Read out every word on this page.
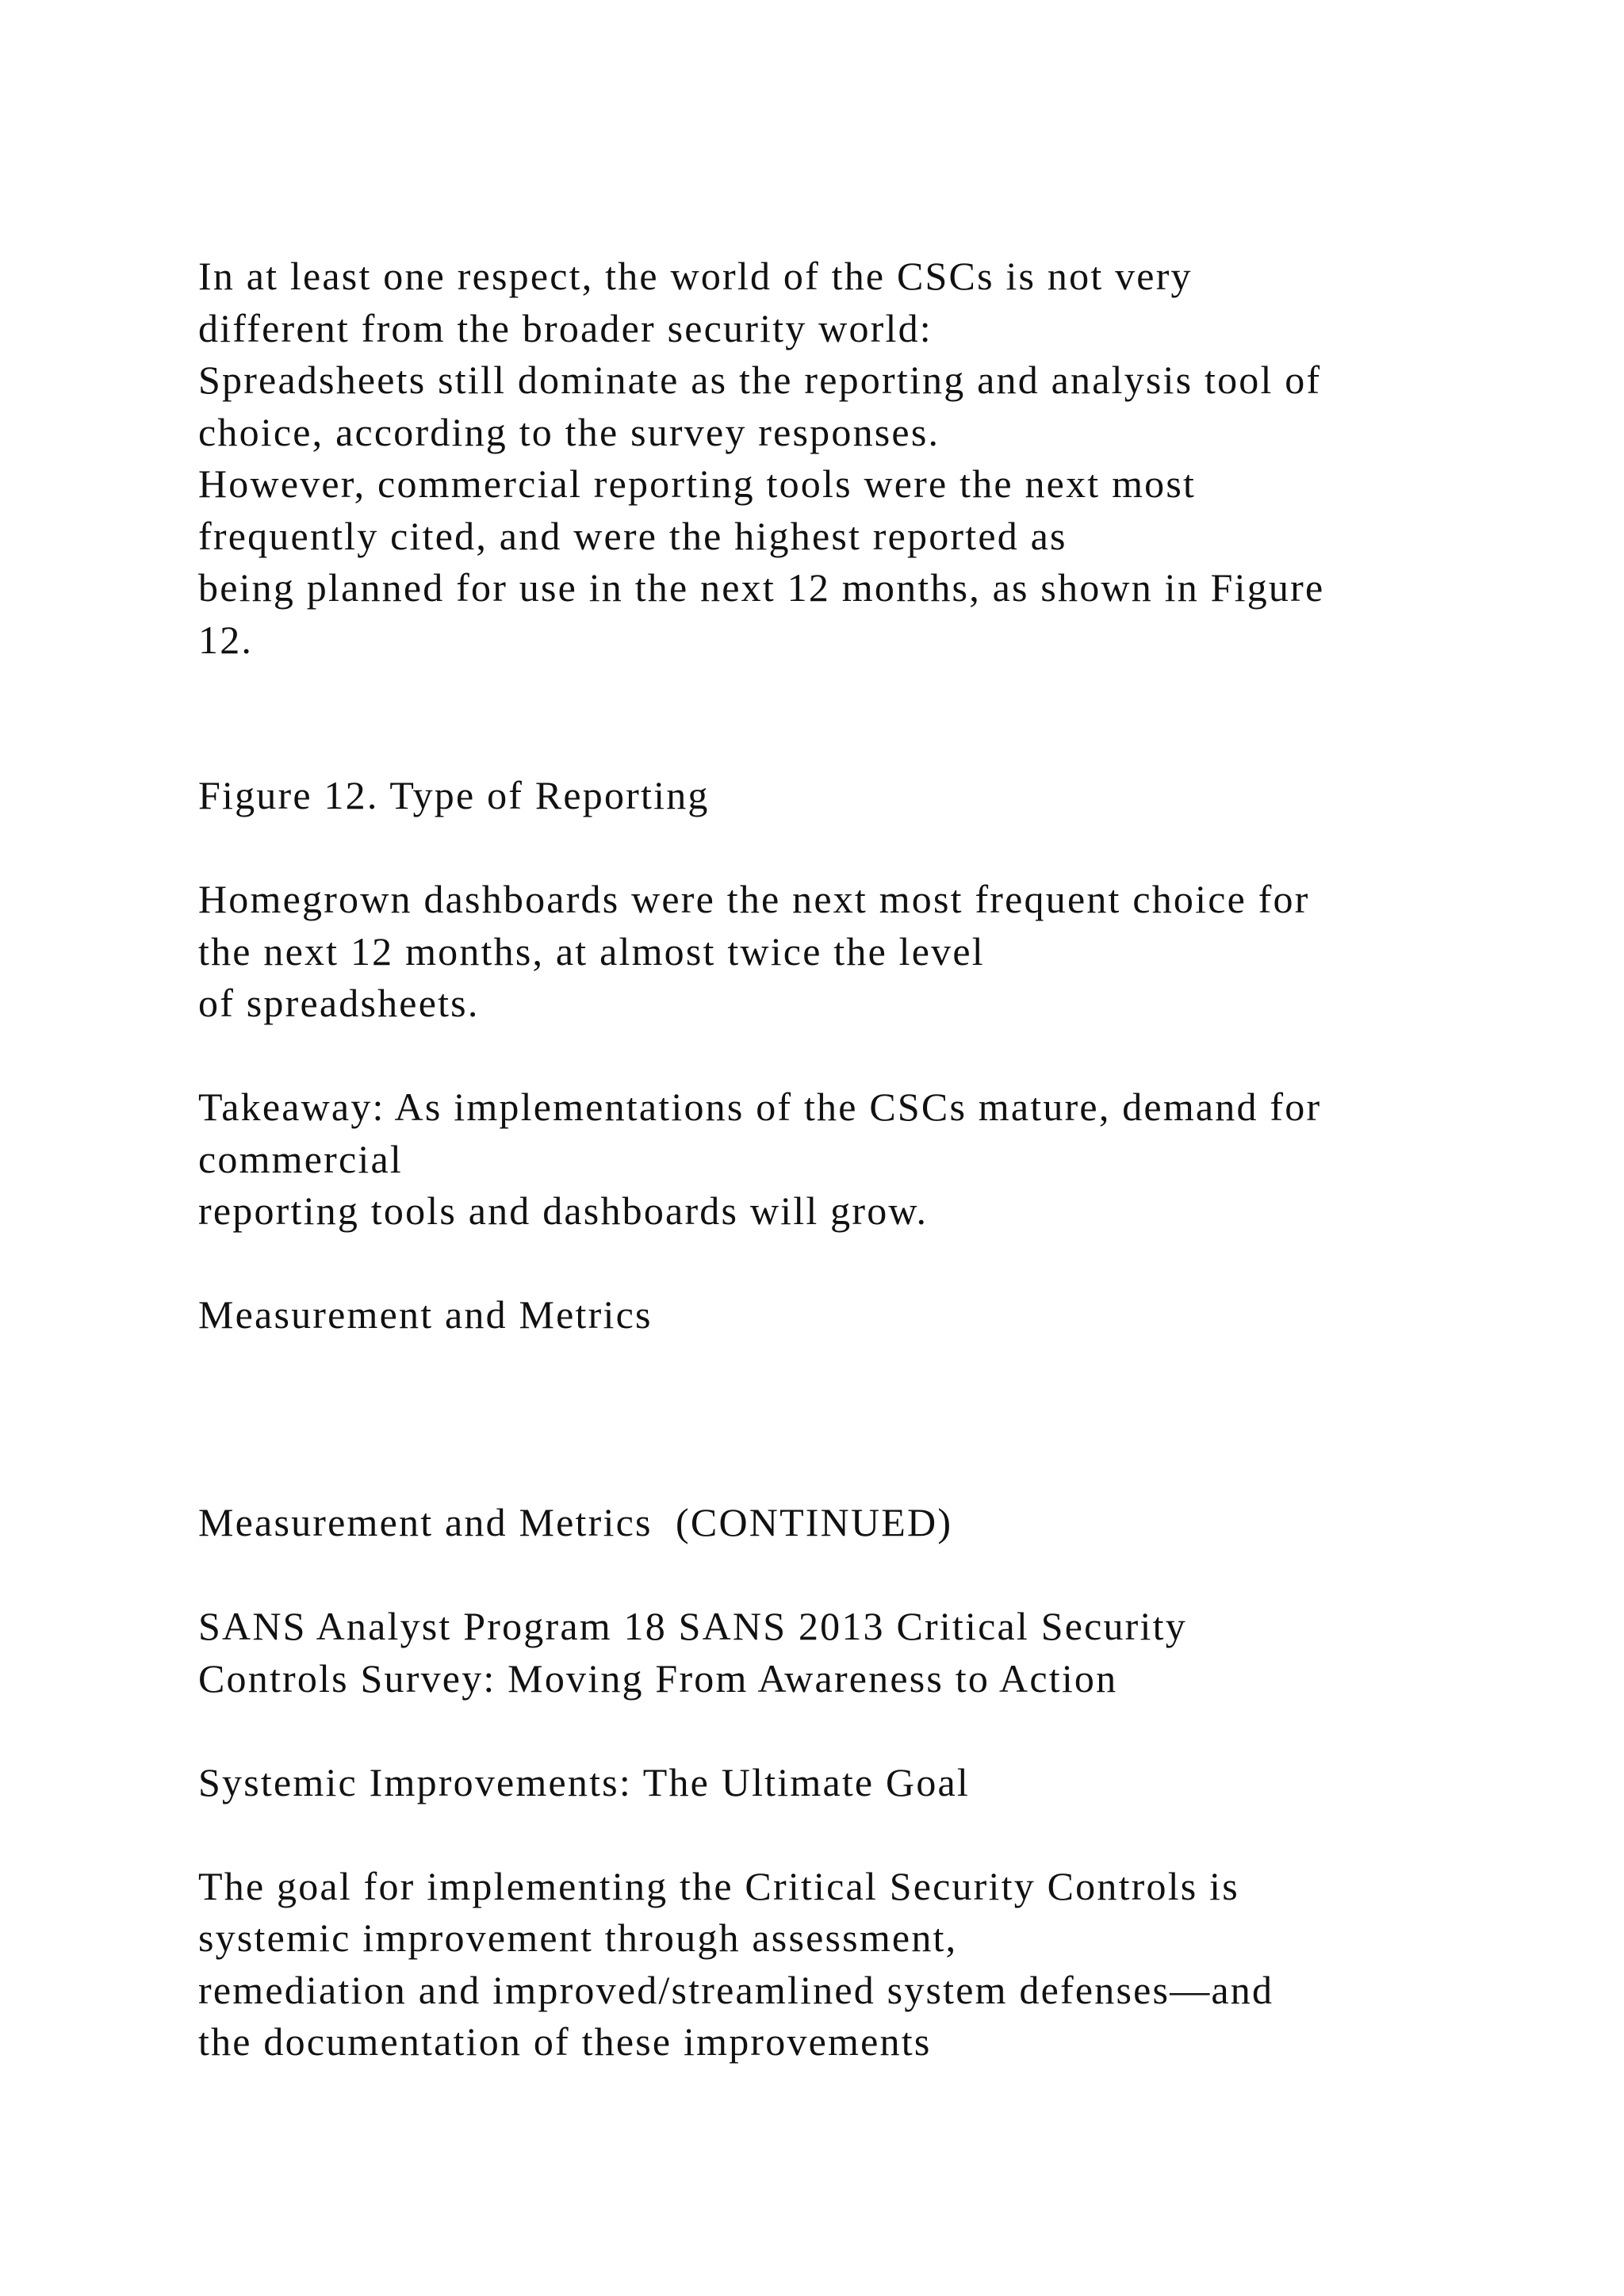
In at least one respect, the world of the CSCs is not very
different from the broader security world:
Spreadsheets still dominate as the reporting and analysis tool of
choice, according to the survey responses.
However, commercial reporting tools were the next most
frequently cited, and were the highest reported as
being planned for use in the next 12 months, as shown in Figure
12.
Figure 12. Type of Reporting
Homegrown dashboards were the next most frequent choice for
the next 12 months, at almost twice the level
of spreadsheets.
Takeaway: As implementations of the CSCs mature, demand for
commercial
reporting tools and dashboards will grow.
Measurement and Metrics
Measurement and Metrics  (CONTINUED)
SANS Analyst Program 18 SANS 2013 Critical Security
Controls Survey: Moving From Awareness to Action
Systemic Improvements: The Ultimate Goal
The goal for implementing the Critical Security Controls is
systemic improvement through assessment,
remediation and improved/streamlined system defenses—and
the documentation of these improvements
